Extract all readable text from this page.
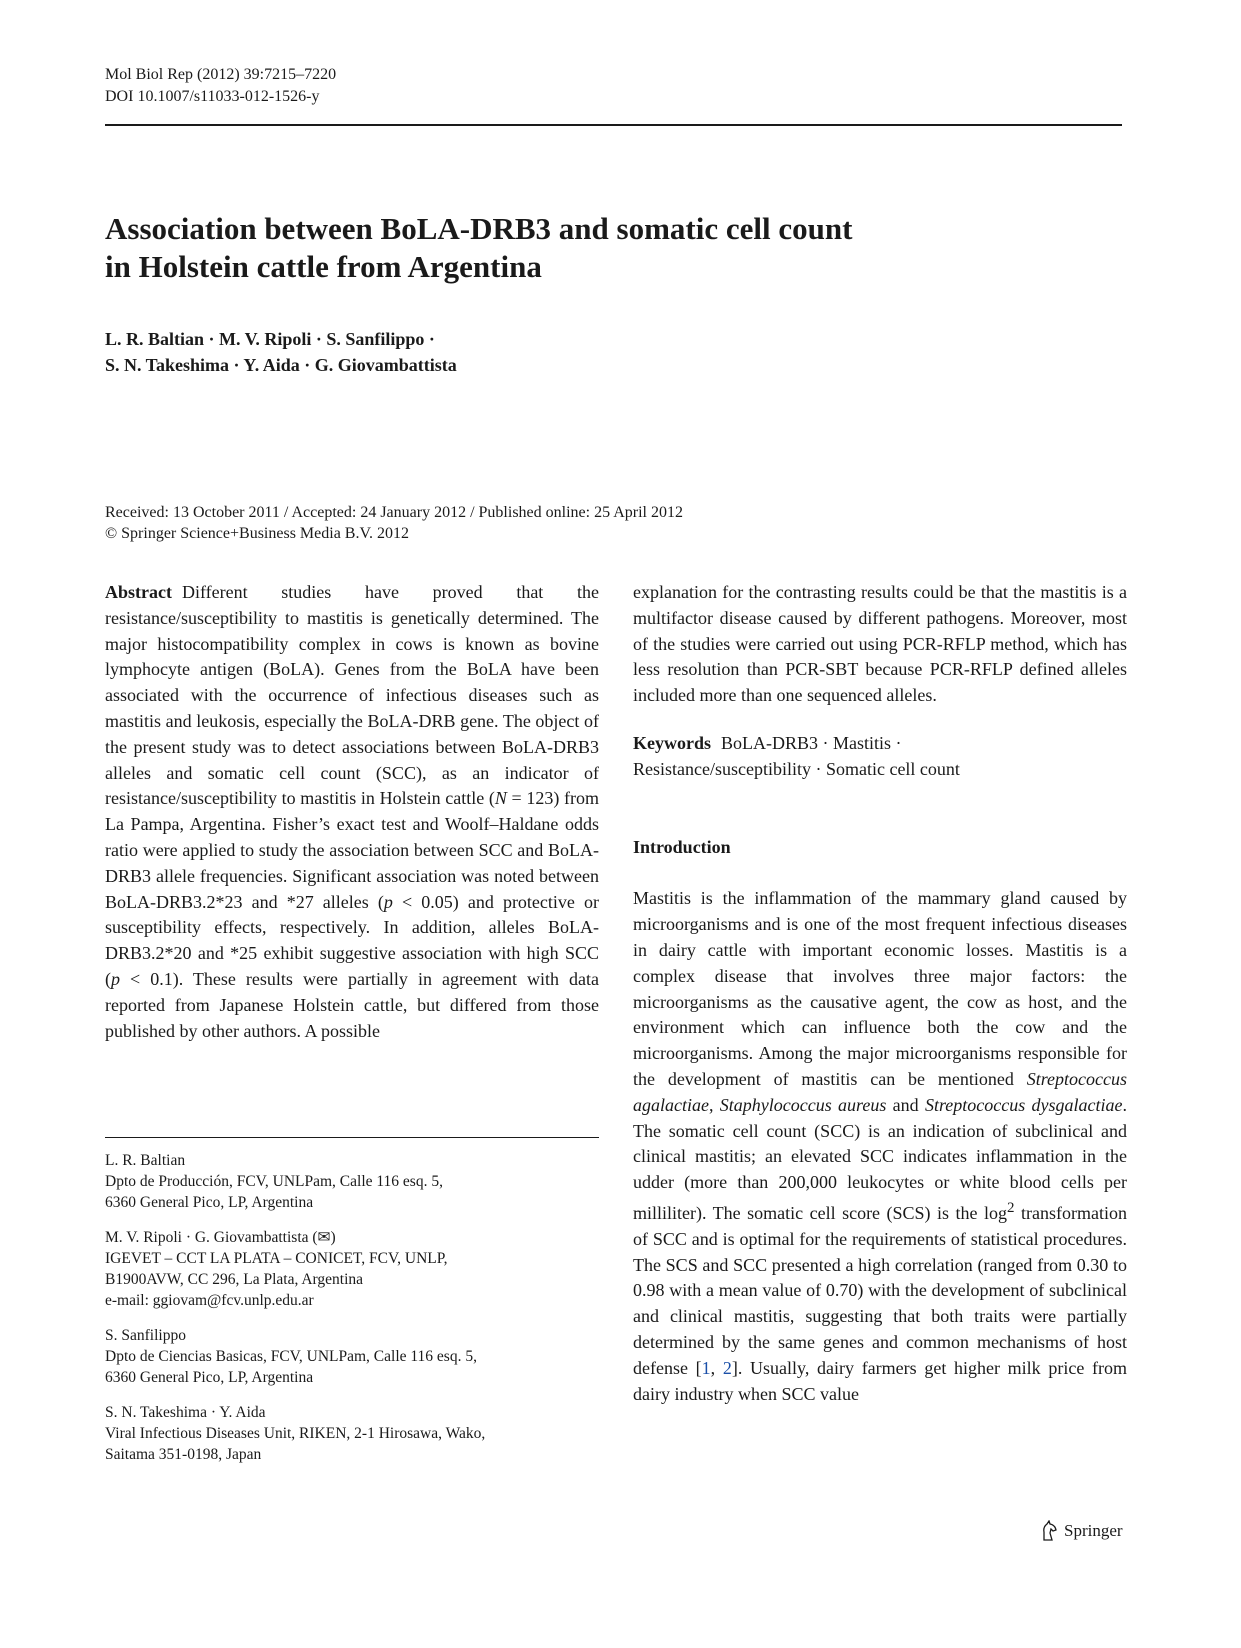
Mol Biol Rep (2012) 39:7215–7220
DOI 10.1007/s11033-012-1526-y
Association between BoLA-DRB3 and somatic cell count
in Holstein cattle from Argentina
L. R. Baltian · M. V. Ripoli · S. Sanfilippo ·
S. N. Takeshima · Y. Aida · G. Giovambattista
Received: 13 October 2011 / Accepted: 24 January 2012 / Published online: 25 April 2012
© Springer Science+Business Media B.V. 2012

Abstract Different studies have proved that the resistance/susceptibility to mastitis is genetically determined. The major histocompatibility complex in cows is known as bovine lymphocyte antigen (BoLA). Genes from the BoLA have been associated with the occurrence of infectious diseases such as mastitis and leukosis, especially the BoLA-DRB gene. The object of the present study was to detect associations between BoLA-DRB3 alleles and somatic cell count (SCC), as an indicator of resistance/susceptibility to mastitis in Holstein cattle (N = 123) from La Pampa, Argentina. Fisher’s exact test and Woolf–Haldane odds ratio were applied to study the association between SCC and BoLA-DRB3 allele frequencies. Significant association was noted between BoLA-DRB3.2*23 and *27 alleles (p < 0.05) and protective or susceptibility effects, respectively. In addition, alleles BoLA-DRB3.2*20 and *25 exhibit suggestive association with high SCC (p < 0.1). These results were partially in agreement with data reported from Japanese Holstein cattle, but differed from those published by other authors. A possible

explanation for the contrasting results could be that the mastitis is a multifactor disease caused by different pathogens. Moreover, most of the studies were carried out using PCR-RFLP method, which has less resolution than PCR-SBT because PCR-RFLP defined alleles included more than one sequenced alleles.

Keywords BoLA-DRB3 · Mastitis ·
Resistance/susceptibility · Somatic cell count
Introduction

Mastitis is the inflammation of the mammary gland caused by microorganisms and is one of the most frequent infectious diseases in dairy cattle with important economic losses. Mastitis is a complex disease that involves three major factors: the microorganisms as the causative agent, the cow as host, and the environment which can influence both the cow and the microorganisms. Among the major microorganisms responsible for the development of mastitis can be mentioned Streptococcus agalactiae, Staphylococcus aureus and Streptococcus dysgalactiae. The somatic cell count (SCC) is an indication of subclinical and clinical mastitis; an elevated SCC indicates inflammation in the udder (more than 200,000 leukocytes or white blood cells per milliliter). The somatic cell score (SCS) is the $\log^2$ transformation of SCC and is optimal for the requirements of statistical procedures. The SCS and SCC presented a high correlation (ranged from 0.30 to 0.98 with a mean value of 0.70) with the development of subclinical and clinical mastitis, suggesting that both traits were partially determined by the same genes and common mechanisms of host defense [1, 2]. Usually, dairy farmers get higher milk price from dairy industry when SCC value

L. R. Baltian
Dpto de Producción, FCV, UNLPam, Calle 116 esq. 5,
6360 General Pico, LP, Argentina
M. V. Ripoli · G. Giovambattista (✉)
IGEVET – CCT LA PLATA – CONICET, FCV, UNLP,
B1900AVW, CC 296, La Plata, Argentina
e-mail: ggiovam@fcv.unlp.edu.ar
S. Sanfilippo
Dpto de Ciencias Basicas, FCV, UNLPam, Calle 116 esq. 5,
6360 General Pico, LP, Argentina
S. N. Takeshima · Y. Aida
Viral Infectious Diseases Unit, RIKEN, 2-1 Hirosawa, Wako,
Saitama 351-0198, Japan
Springer
